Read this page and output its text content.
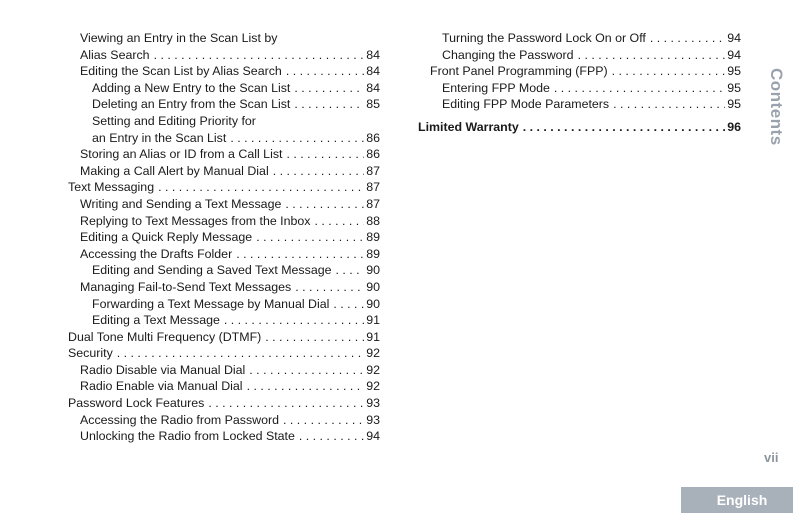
Viewing an Entry in the Scan List by
Alias Search . . .	84
Editing the Scan List by Alias Search . . .	84
Adding a New Entry to the Scan List . . .	84
Deleting an Entry from the Scan List . . .	85
Setting and Editing Priority for
an Entry in the Scan List . . .	86
Storing an Alias or ID from a Call List . . .	86
Making a Call Alert by Manual Dial . . .	87
Text Messaging . . .	87
Writing and Sending a Text Message . . .	87
Replying to Text Messages from the Inbox . . .	88
Editing a Quick Reply Message . . .	89
Accessing the Drafts Folder . . .	89
Editing and Sending a Saved Text Message . . .	90
Managing Fail-to-Send Text Messages . . .	90
Forwarding a Text Message by Manual Dial . . .	90
Editing a Text Message . . .	91
Dual Tone Multi Frequency (DTMF) . . .	91
Security . . .	92
Radio Disable via Manual Dial . . .	92
Radio Enable via Manual Dial . . .	92
Password Lock Features . . .	93
Accessing the Radio from Password . . .	93
Unlocking the Radio from Locked State . . .	94
Turning the Password Lock On or Off . . .	94
Changing the Password . . .	94
Front Panel Programming (FPP) . . .	95
Entering FPP Mode . . .	95
Editing FPP Mode Parameters . . .	95
Limited Warranty . . .	96 Contents
vii
English
